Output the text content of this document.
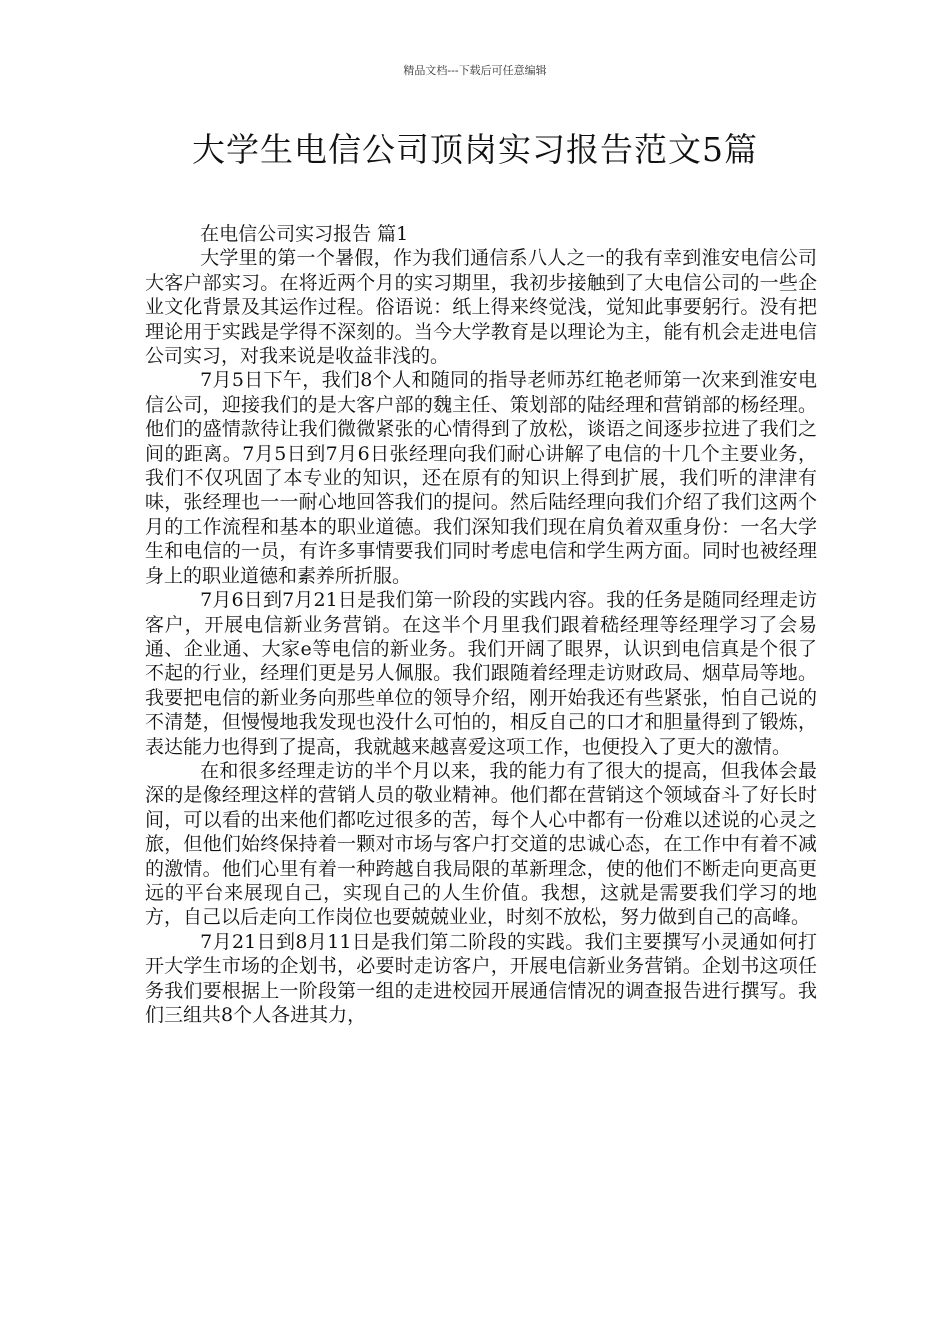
精品文档---下载后可任意编辑
大学生电信公司顶岗实习报告范文5篇

在电信公司实习报告 篇1

大学里的第一个暑假，作为我们通信系八人之一的我有幸到淮安电信公司大客户部实习。在将近两个月的实习期里，我初步接触到了大电信公司的一些企业文化背景及其运作过程。俗语说：纸上得来终觉浅，觉知此事要躬行。没有把理论用于实践是学得不深刻的。当今大学教育是以理论为主，能有机会走进电信公司实习，对我来说是收益非浅的。

7月5日下午，我们8个人和随同的指导老师苏红艳老师第一次来到淮安电信公司，迎接我们的是大客户部的魏主任、策划部的陆经理和营销部的杨经理。他们的盛情款待让我们微微紧张的心情得到了放松，谈语之间逐步拉进了我们之间的距离。7月5日到7月6日张经理向我们耐心讲解了电信的十几个主要业务，我们不仅巩固了本专业的知识，还在原有的知识上得到扩展，我们听的津津有味，张经理也一一耐心地回答我们的提问。然后陆经理向我们介绍了我们这两个月的工作流程和基本的职业道德。我们深知我们现在肩负着双重身份：一名大学生和电信的一员，有许多事情要我们同时考虑电信和学生两方面。同时也被经理身上的职业道德和素养所折服。

7月6日到7月21日是我们第一阶段的实践内容。我的任务是随同经理走访客户，开展电信新业务营销。在这半个月里我们跟着嵇经理等经理学习了会易通、企业通、大家e等电信的新业务。我们开阔了眼界，认识到电信真是个很了不起的行业，经理们更是另人佩服。我们跟随着经理走访财政局、烟草局等地。我要把电信的新业务向那些单位的领导介绍，刚开始我还有些紧张，怕自己说的不清楚，但慢慢地我发现也没什么可怕的，相反自己的口才和胆量得到了锻炼，表达能力也得到了提高，我就越来越喜爱这项工作，也便投入了更大的激情。

在和很多经理走访的半个月以来，我的能力有了很大的提高，但我体会最深的是像经理这样的营销人员的敬业精神。他们都在营销这个领域奋斗了好长时间，可以看的出来他们都吃过很多的苦，每个人心中都有一份难以述说的心灵之旅，但他们始终保持着一颗对市场与客户打交道的忠诚心态，在工作中有着不减的激情。他们心里有着一种跨越自我局限的革新理念，使的他们不断走向更高更远的平台来展现自己，实现自己的人生价值。我想，这就是需要我们学习的地方，自己以后走向工作岗位也要兢兢业业，时刻不放松，努力做到自己的高峰。

7月21日到8月11日是我们第二阶段的实践。我们主要撰写小灵通如何打开大学生市场的企划书，必要时走访客户，开展电信新业务营销。企划书这项任务我们要根据上一阶段第一组的走进校园开展通信情况的调查报告进行撰写。我们三组共8个人各进其力，
